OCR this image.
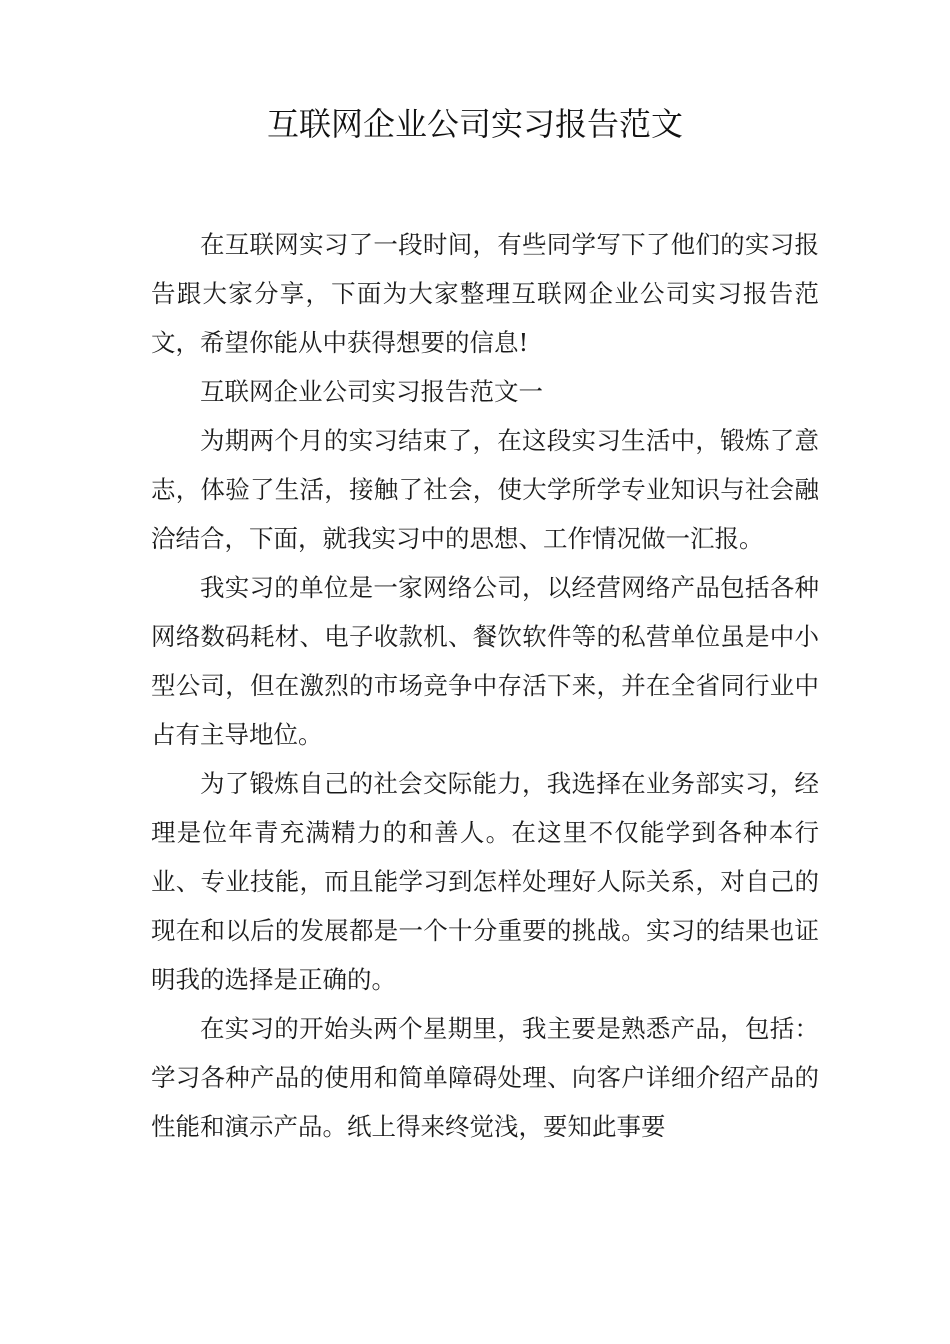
互联网企业公司实习报告范文

在互联网实习了一段时间，有些同学写下了他们的实习报告跟大家分享，下面为大家整理互联网企业公司实习报告范文，希望你能从中获得想要的信息!

互联网企业公司实习报告范文一

为期两个月的实习结束了，在这段实习生活中，锻炼了意志，体验了生活，接触了社会，使大学所学专业知识与社会融洽结合，下面，就我实习中的思想、工作情况做一汇报。

我实习的单位是一家网络公司，以经营网络产品包括各种网络数码耗材、电子收款机、餐饮软件等的私营单位虽是中小型公司，但在激烈的市场竞争中存活下来，并在全省同行业中占有主导地位。

为了锻炼自己的社会交际能力，我选择在业务部实习，经理是位年青充满精力的和善人。在这里不仅能学到各种本行业、专业技能，而且能学习到怎样处理好人际关系，对自己的现在和以后的发展都是一个十分重要的挑战。实习的结果也证明我的选择是正确的。

在实习的开始头两个星期里，我主要是熟悉产品，包括：学习各种产品的使用和简单障碍处理、向客户详细介绍产品的性能和演示产品。纸上得来终觉浅，要知此事要
